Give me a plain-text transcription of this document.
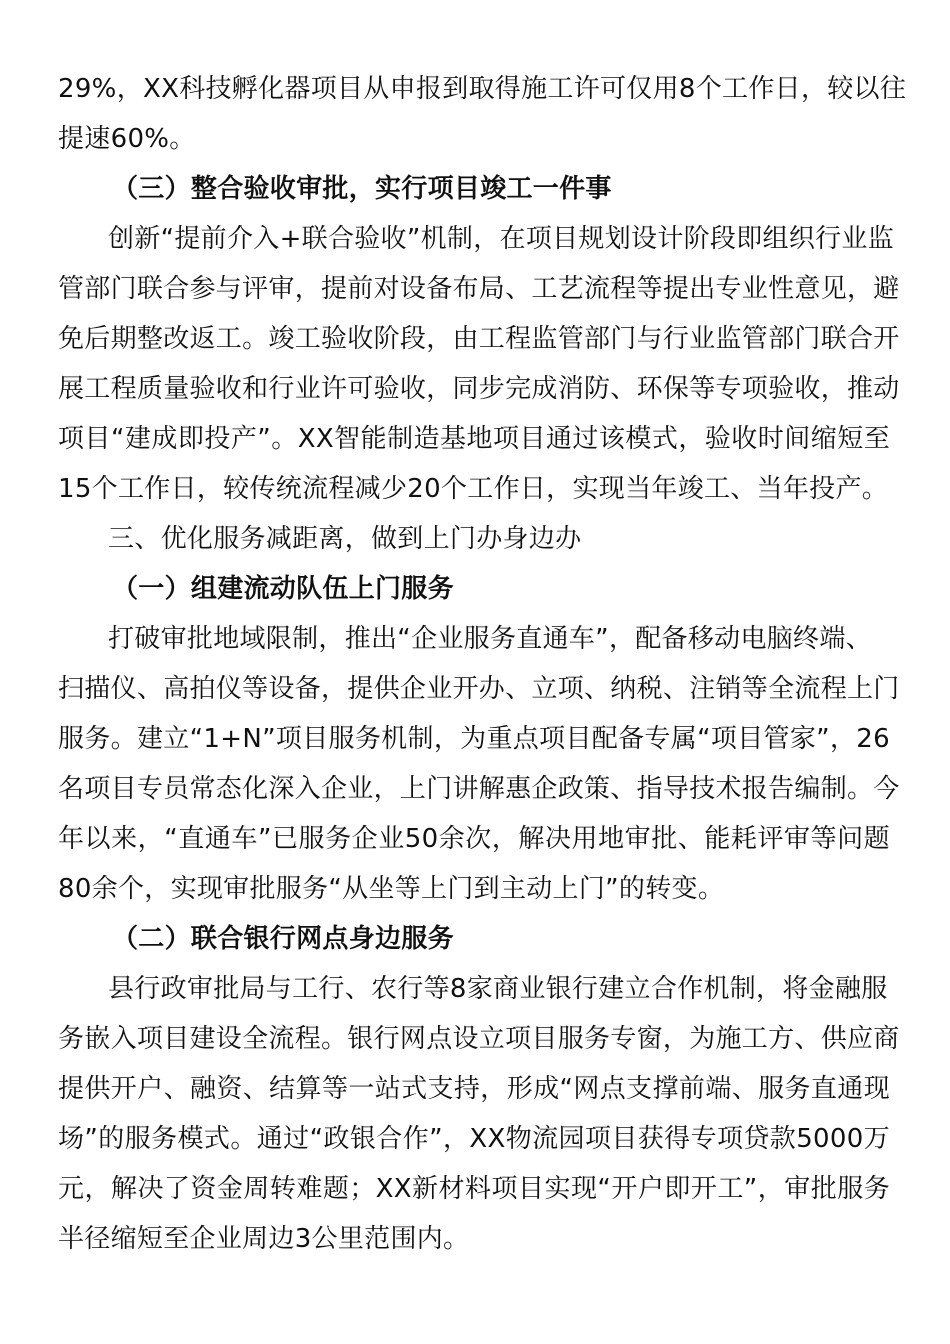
29%，XX科技孵化器项目从申报到取得施工许可仅用8个工作日，较以往
提速60%。
（三）整合验收审批，实行项目竣工一件事
创新“提前介入+联合验收”机制，在项目规划设计阶段即组织行业监
管部门联合参与评审，提前对设备布局、工艺流程等提出专业性意见，避
免后期整改返工。竣工验收阶段，由工程监管部门与行业监管部门联合开
展工程质量验收和行业许可验收，同步完成消防、环保等专项验收，推动
项目“建成即投产”。XX智能制造基地项目通过该模式，验收时间缩短至
15个工作日，较传统流程减少20个工作日，实现当年竣工、当年投产。
三、优化服务减距离，做到上门办身边办
（一）组建流动队伍上门服务
打破审批地域限制，推出“企业服务直通车”，配备移动电脑终端、
扫描仪、高拍仪等设备，提供企业开办、立项、纳税、注销等全流程上门
服务。建立“1+N”项目服务机制，为重点项目配备专属“项目管家”，26
名项目专员常态化深入企业，上门讲解惠企政策、指导技术报告编制。今
年以来，“直通车”已服务企业50余次，解决用地审批、能耗评审等问题
80余个，实现审批服务“从坐等上门到主动上门”的转变。
（二）联合银行网点身边服务
县行政审批局与工行、农行等8家商业银行建立合作机制，将金融服
务嵌入项目建设全流程。银行网点设立项目服务专窗，为施工方、供应商
提供开户、融资、结算等一站式支持，形成“网点支撑前端、服务直通现
场”的服务模式。通过“政银合作”，XX物流园项目获得专项贷款5000万
元，解决了资金周转难题；XX新材料项目实现“开户即开工”，审批服务
半径缩短至企业周边3公里范围内。
